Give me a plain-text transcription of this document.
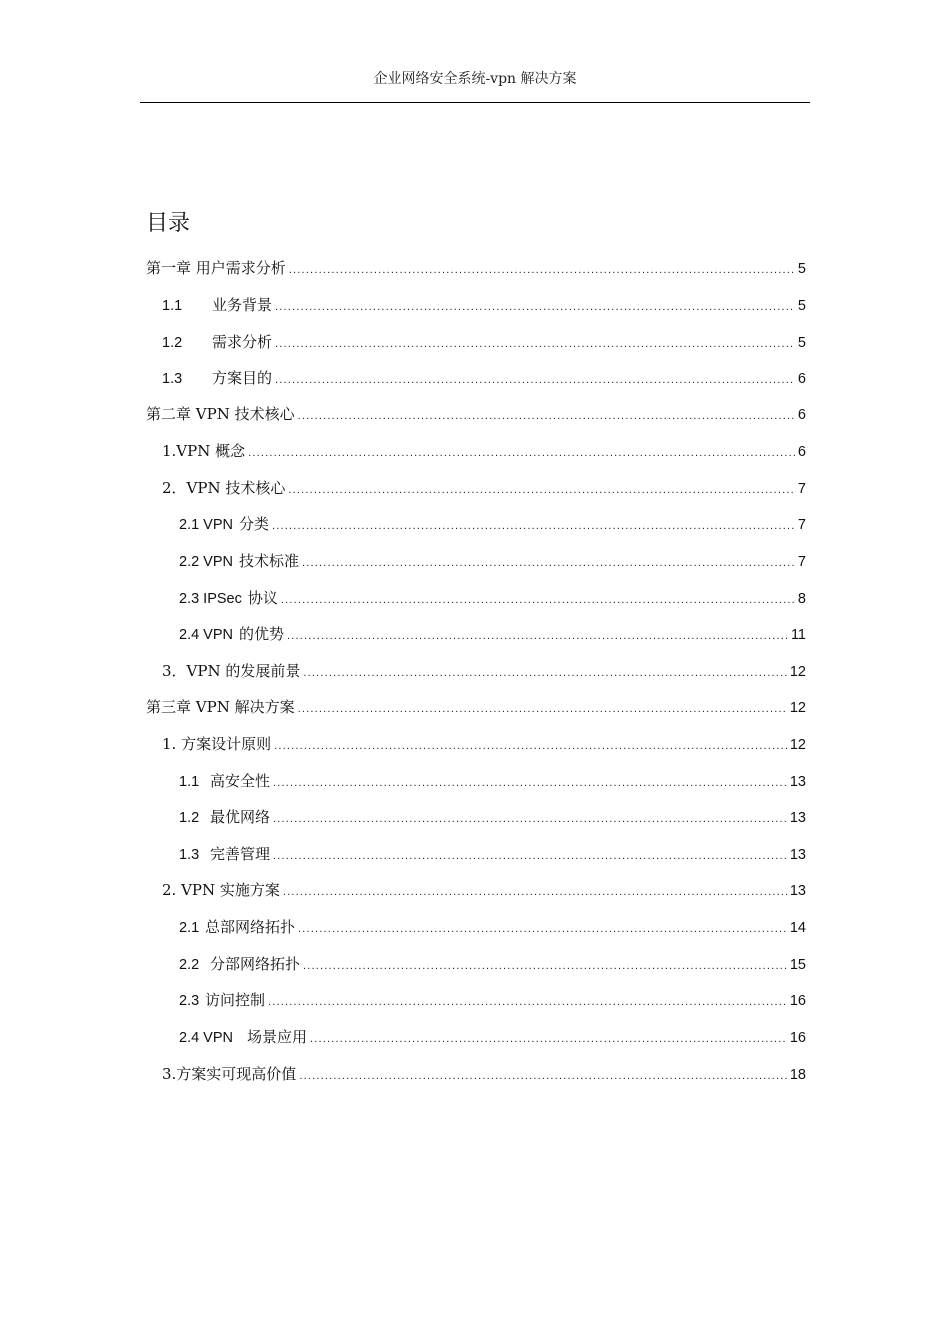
企业网络安全系统-vpn 解决方案
目录
第一章 用户需求分析 .....	5
1.1	业务背景 .....	5
1.2	需求分析 .....	5
1.3	方案目的 .....	6
第二章 VPN 技术核心 .....	6
1.VPN 概念 .....	6
2．VPN 技术核心 .....	7
2.1 VPN 分类 .....	7
2.2 VPN 技术标准 .....	7
2.3 IPSec 协议 .....	8
2.4 VPN 的优势 .....	11
3．VPN 的发展前景 .....	12
第三章 VPN 解决方案 .....	12
1. 方案设计原则 .....	12
1.1 高安全性 .....	13
1.2 最优网络 .....	13
1.3 完善管理 .....	13
2. VPN 实施方案 .....	13
2.1 总部网络拓扑 .....	14
2.2 分部网络拓扑 .....	15
2.3 访问控制 .....	16
2.4 VPN 场景应用 .....	16
3.方案实可现高价值 .....	18
